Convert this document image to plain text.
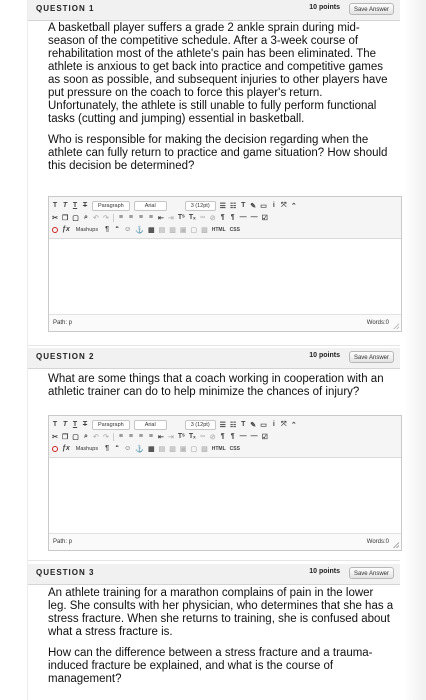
QUESTION 1	10 points	Save Answer

A basketball player suffers a grade 2 ankle sprain during mid-season of the competitive schedule. After a 3-week course of rehabilitation most of the athlete's pain has been eliminated. The athlete is anxious to get back into practice and competitive games as soon as possible, and subsequent injuries to other players have put pressure on the coach to force this player's return. Unfortunately, the athlete is still unable to fully perform functional tasks (cutting and jumping) essential in basketball.

Who is responsible for making the decision regarding when the athlete can fully return to practice and game situation? How should this decision be determined?

T T T T	Paragraph	Arial	3 (12pt)	☰ ☷ T ✎ ▭ i ⤧ ⌃
✂ ❐ ▢ ⌕ ↶ ↷ ≡ ≡ ≡ ≡ ⇤ ⇥ Tˢ Tₓ ∞ ⊘ ¶ ¶ — — ☑
ƒx	Mashups ¶ “ ☺ ⚓ ▦ ▤ ▥ ▣ ▢ ▧ HTML CSS
Path: p	Words:0
QUESTION 2	10 points	Save Answer

What are some things that a coach working in cooperation with an athletic trainer can do to help minimize the chances of injury?

T T T T	Paragraph	Arial	3 (12pt)	☰ ☷ T ✎ ▭ i ⤧ ⌃
✂ ❐ ▢ ⌕ ↶ ↷ ≡ ≡ ≡ ≡ ⇤ ⇥ Tˢ Tₓ ∞ ⊘ ¶ ¶ — — ☑
ƒx	Mashups ¶ “ ☺ ⚓ ▦ ▤ ▥ ▣ ▢ ▧ HTML CSS
Path: p	Words:0
QUESTION 3	10 points	Save Answer

An athlete training for a marathon complains of pain in the lower leg. She consults with her physician, who determines that she has a stress fracture. When she returns to training, she is confused about what a stress fracture is.

How can the difference between a stress fracture and a trauma-induced fracture be explained, and what is the course of management?
